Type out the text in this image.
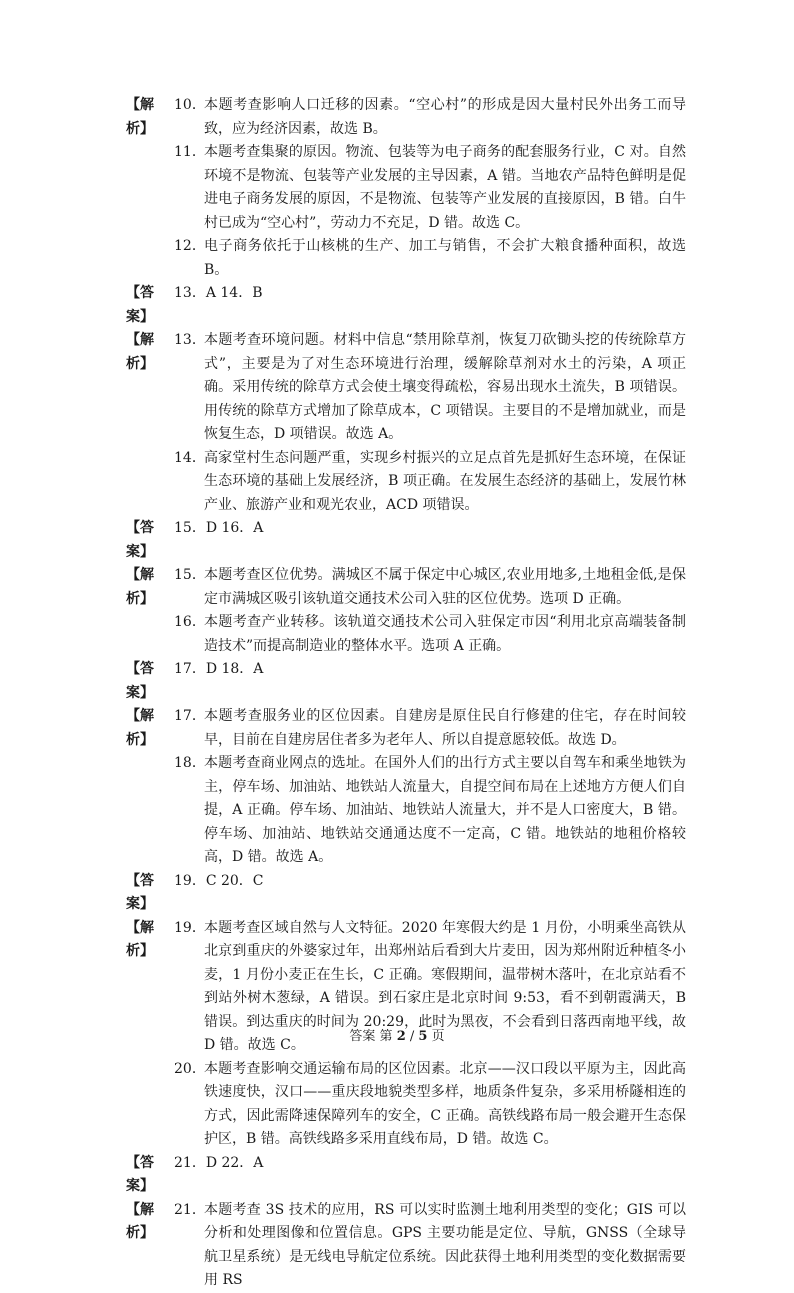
【解析】
10．
本题考查影响人口迁移的因素。“空心村”的形成是因大量村民外出务工而导致，应为经济因素，故选 B。
11．
本题考查集聚的原因。物流、包装等为电子商务的配套服务行业，C 对。自然环境不是物流、包装等产业发展的主导因素，A 错。当地农产品特色鲜明是促进电子商务发展的原因，不是物流、包装等产业发展的直接原因，B 错。白牛村已成为“空心村”，劳动力不充足，D 错。故选 C。
12．
电子商务依托于山核桃的生产、加工与销售，不会扩大粮食播种面积，故选 B。
【答案】
13．A 14．B
【解析】
13．
本题考查环境问题。材料中信息“禁用除草剂，恢复刀砍锄头挖的传统除草方式”，主要是为了对生态环境进行治理，缓解除草剂对水土的污染，A 项正确。采用传统的除草方式会使土壤变得疏松，容易出现水土流失，B 项错误。用传统的除草方式增加了除草成本，C 项错误。主要目的不是增加就业，而是恢复生态，D 项错误。故选 A。
14．
高家堂村生态问题严重，实现乡村振兴的立足点首先是抓好生态环境，在保证生态环境的基础上发展经济，B 项正确。在发展生态经济的基础上，发展竹林产业、旅游产业和观光农业，ACD 项错误。
【答案】
15．D 16．A
【解析】
15．
本题考查区位优势。满城区不属于保定中心城区,农业用地多,土地租金低,是保定市满城区吸引该轨道交通技术公司入驻的区位优势。选项 D 正确。
16．
本题考查产业转移。该轨道交通技术公司入驻保定市因“利用北京高端装备制造技术”而提高制造业的整体水平。选项 A 正确。
【答案】
17．D 18．A
【解析】
17．
本题考查服务业的区位因素。自建房是原住民自行修建的住宅，存在时间较早，目前在自建房居住者多为老年人、所以自提意愿较低。故选 D。
18．
本题考查商业网点的选址。在国外人们的出行方式主要以自驾车和乘坐地铁为主，停车场、加油站、地铁站人流量大，自提空间布局在上述地方方便人们自提，A 正确。停车场、加油站、地铁站人流量大，并不是人口密度大，B 错。停车场、加油站、地铁站交通通达度不一定高，C 错。地铁站的地租价格较高，D 错。故选 A。
【答案】
19．C 20．C
【解析】
19．
本题考查区域自然与人文特征。2020 年寒假大约是 1 月份，小明乘坐高铁从北京到重庆的外婆家过年，出郑州站后看到大片麦田，因为郑州附近种植冬小麦，1 月份小麦正在生长，C 正确。寒假期间，温带树木落叶，在北京站看不到站外树木葱绿，A 错误。到石家庄是北京时间 9:53，看不到朝霞满天，B 错误。到达重庆的时间为 20:29，此时为黑夜，不会看到日落西南地平线，故 D 错。故选 C。
20．
本题考查影响交通运输布局的区位因素。北京——汉口段以平原为主，因此高铁速度快，汉口——重庆段地貌类型多样，地质条件复杂，多采用桥隧相连的方式，因此需降速保障列车的安全，C 正确。高铁线路布局一般会避开生态保护区，B 错。高铁线路多采用直线布局，D 错。故选 C。
【答案】
21．D 22．A
【解析】
21．
本题考查 3S 技术的应用，RS 可以实时监测土地利用类型的变化；GIS 可以分析和处理图像和位置信息。GPS 主要功能是定位、导航，GNSS（全球导航卫星系统）是无线电导航定位系统。因此获得土地利用类型的变化数据需要用 RS
答案 第 2 / 5 页
